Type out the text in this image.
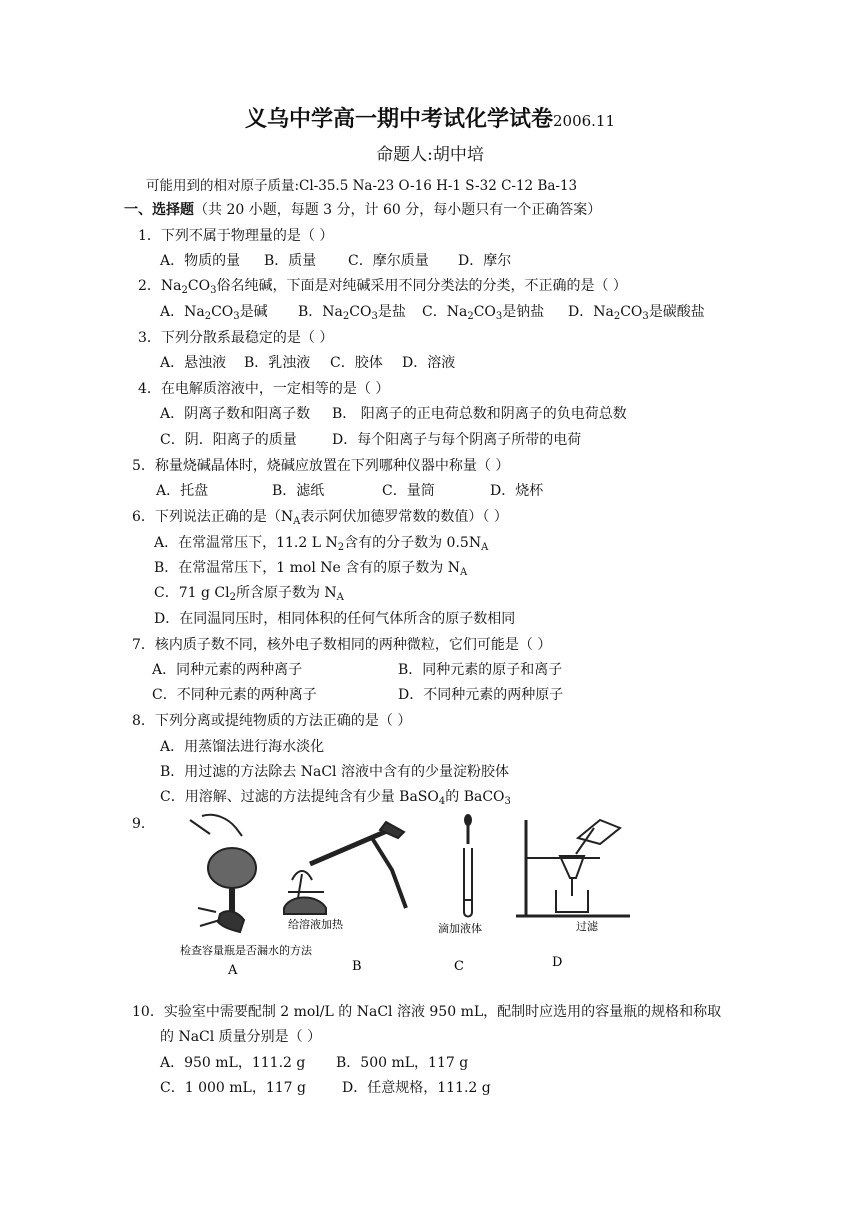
义乌中学高一期中考试化学试卷2006.11
命题人:胡中培
可能用到的相对原子质量:Cl-35.5 Na-23 O-16 H-1 S-32 C-12 Ba-13
一、选择题（共 20 小题，每题 3 分，计 60 分，每小题只有一个正确答案）
1．下列不属于物理量的是（ ）
A．物质的量 B．质量 C．摩尔质量 D．摩尔
2．$Na_2CO_3$俗名纯碱，下面是对纯碱采用不同分类法的分类，不正确的是（ ）
A．$Na_2CO_3$是碱 B．$Na_2CO_3$是盐 C．$Na_2CO_3$是钠盐 D．$Na_2CO_3$是碳酸盐
3．下列分散系最稳定的是（ ）
A．悬浊液 B．乳浊液 C．胶体 D．溶液
4．在电解质溶液中，一定相等的是（ ）
A．阴离子数和阳离子数 B． 阳离子的正电荷总数和阴离子的负电荷总数
C．阴．阳离子的质量	D．每个阳离子与每个阴离子所带的电荷
5．称量烧碱晶体时，烧碱应放置在下列哪种仪器中称量（ ）
A．托盘	B．滤纸	C．量筒	D．烧杯
6．下列说法正确的是（$N_A$表示阿伏加德罗常数的数值）（ ）
A．在常温常压下，11.2 L $N_2$含有的分子数为 $0.5N_A$
B．在常温常压下，1 mol Ne 含有的原子数为 $N_A$
C．71 g $Cl_2$所含原子数为 $N_A$
D．在同温同压时，相同体积的任何气体所含的原子数相同
7．核内质子数不同，核外电子数相同的两种微粒，它们可能是（ ）
A．同种元素的两种离子	B．同种元素的原子和离子
C．不同种元素的两种离子	D．不同种元素的两种原子
8．下列分离或提纯物质的方法正确的是（ ）
A．用蒸馏法进行海水淡化
B．用过滤的方法除去 NaCl 溶液中含有的少量淀粉胶体
C．用溶解、过滤的方法提纯含有少量 BaSO$_4$的 BaCO$_3$
9．
给溶液加热
检查容量瓶是否漏水的方法
滴加液体	过滤
A	B	C	D
10．实验室中需要配制 2 mol/L 的 NaCl 溶液 950 mL，配制时应选用的容量瓶的规格和称取
的 NaCl 质量分别是（ ）
A．950 mL，111.2 g B．500 mL，117 g
C．1 000 mL，117 g	D．任意规格，111.2 g
